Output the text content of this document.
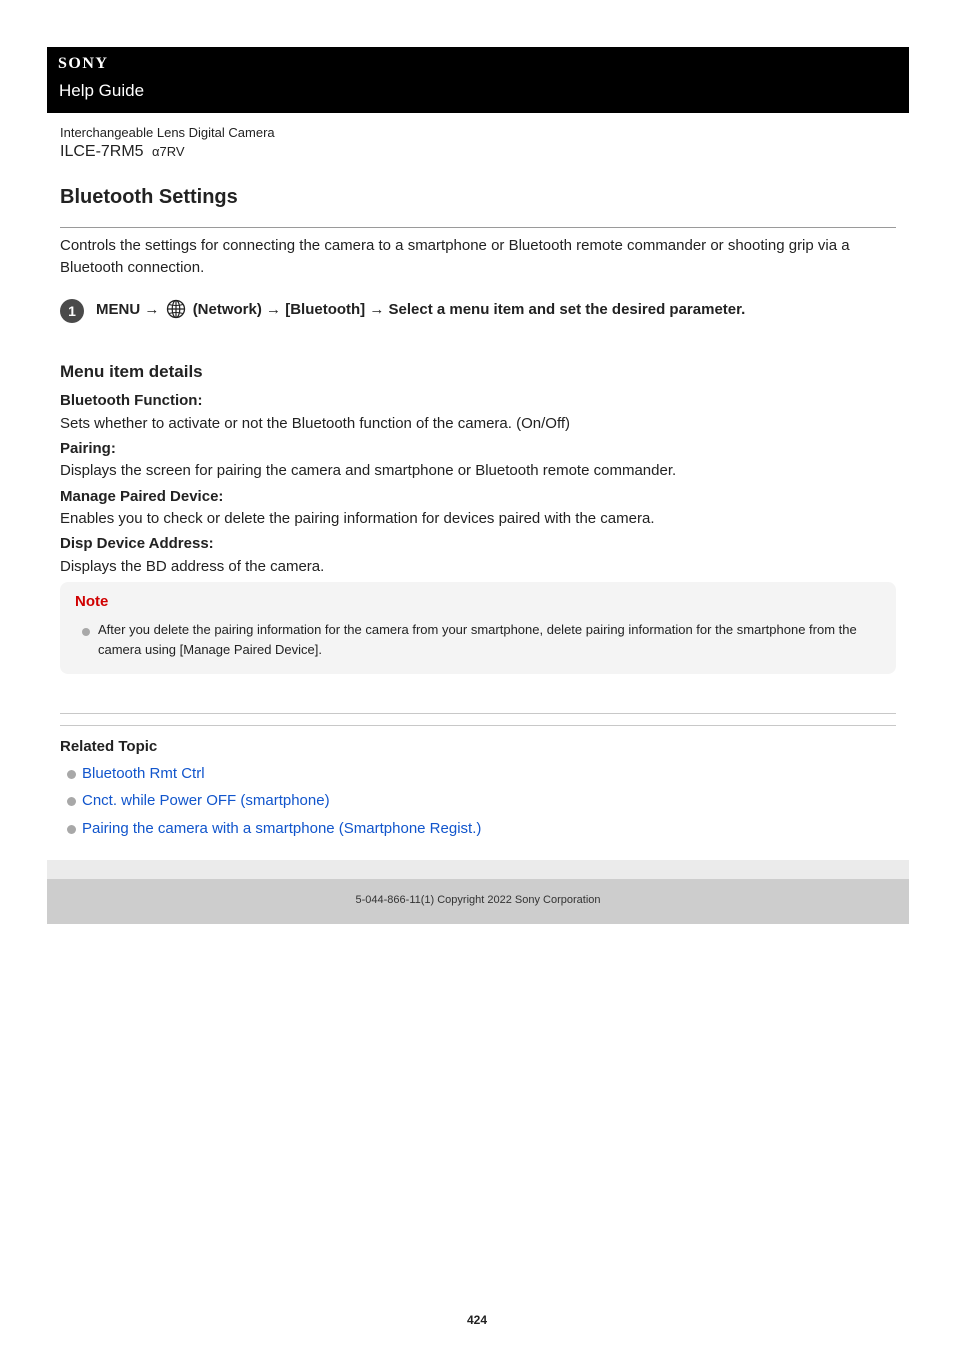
SONY
Help Guide
Interchangeable Lens Digital Camera
ILCE-7RM5 α7RV
Bluetooth Settings

Controls the settings for connecting the camera to a smartphone or Bluetooth remote commander or shooting grip via a Bluetooth connection.

1	MENU → (Network) → [Bluetooth] → Select a menu item and set the desired parameter.
Menu item details
Bluetooth Function:
Sets whether to activate or not the Bluetooth function of the camera. (On/Off)
Pairing:
Displays the screen for pairing the camera and smartphone or Bluetooth remote commander.
Manage Paired Device:
Enables you to check or delete the pairing information for devices paired with the camera.
Disp Device Address:
Displays the BD address of the camera.
Note

After you delete the pairing information for the camera from your smartphone, delete pairing information for the smartphone from the camera using [Manage Paired Device].

Related Topic
Bluetooth Rmt Ctrl
Cnct. while Power OFF (smartphone)
Pairing the camera with a smartphone (Smartphone Regist.)
5-044-866-11(1) Copyright 2022 Sony Corporation
424
